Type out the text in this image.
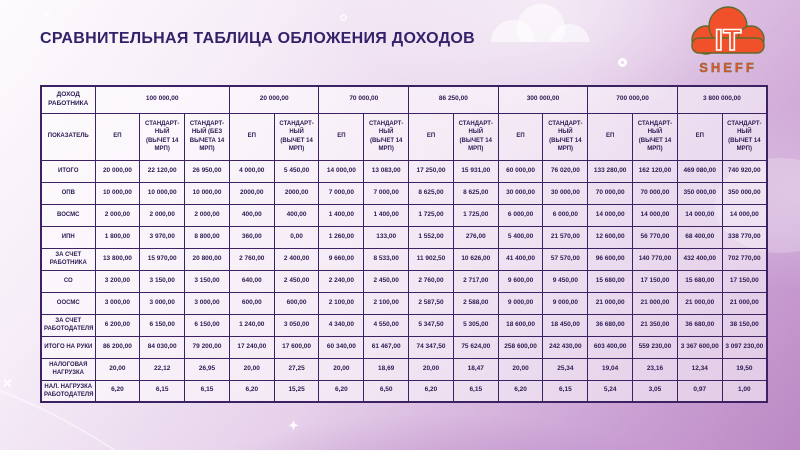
✕
✕
✦
IT
SHEFF
СРАВНИТЕЛЬНАЯ ТАБЛИЦА ОБЛОЖЕНИЯ ДОХОДОВ
ДОХОД РАБОТНИКА	100 000,00			20 000,00		70 000,00		86 250,00		300 000,00		700 000,00		3 800 000,00	
ПОКАЗАТЕЛЬ	ЕП	СТАНДАРТ-НЫЙ (ВЫЧЕТ 14 МРП)	СТАНДАРТ-НЫЙ (БЕЗ ВЫЧЕТА 14 МРП)	ЕП	СТАНДАРТ-НЫЙ (ВЫЧЕТ 14 МРП)	ЕП	СТАНДАРТ-НЫЙ (ВЫЧЕТ 14 МРП)	ЕП	СТАНДАРТ-НЫЙ (ВЫЧЕТ 14 МРП)	ЕП	СТАНДАРТ-НЫЙ (ВЫЧЕТ 14 МРП)	ЕП	СТАНДАРТ-НЫЙ (ВЫЧЕТ 14 МРП)	ЕП	СТАНДАРТ-НЫЙ (ВЫЧЕТ 14 МРП)
ИТОГО	20 000,00	22 120,00	26 950,00	4 000,00	5 450,00	14 000,00	13 083,00	17 250,00	15 931,00	60 000,00	76 020,00	133 280,00	162 120,00	469 080,00	740 920,00
ОПВ	10 000,00	10 000,00	10 000,00	2000,00	2000,00	7 000,00	7 000,00	8 625,00	8 625,00	30 000,00	30 000,00	70 000,00	70 000,00	350 000,00	350 000,00
ВОСМС	2 000,00	2 000,00	2 000,00	400,00	400,00	1 400,00	1 400,00	1 725,00	1 725,00	6 000,00	6 000,00	14 000,00	14 000,00	14 000,00	14 000,00
ИПН	1 800,00	3 970,00	8 800,00	360,00	0,00	1 260,00	133,00	1 552,00	276,00	5 400,00	21 570,00	12 600,00	56 770,00	68 400,00	338 770,00
ЗА СЧЕТ РАБОТНИКА	13 800,00	15 970,00	20 800,00	2 760,00	2 400,00	9 660,00	8 533,00	11 902,50	10 626,00	41 400,00	57 570,00	96 600,00	140 770,00	432 400,00	702 770,00
СО	3 200,00	3 150,00	3 150,00	640,00	2 450,00	2 240,00	2 450,00	2 760,00	2 717,00	9 600,00	9 450,00	15 680,00	17 150,00	15 680,00	17 150,00
ООСМС	3 000,00	3 000,00	3 000,00	600,00	600,00	2 100,00	2 100,00	2 587,50	2 588,00	9 000,00	9 000,00	21 000,00	21 000,00	21 000,00	21 000,00
ЗА СЧЕТ РАБОТОДАТЕЛЯ	6 200,00	6 150,00	6 150,00	1 240,00	3 050,00	4 340,00	4 550,00	5 347,50	5 305,00	18 600,00	18 450,00	36 680,00	21 350,00	36 680,00	38 150,00
ИТОГО НА РУКИ	86 200,00	84 030,00	79 200,00	17 240,00	17 600,00	60 340,00	61 467,00	74 347,50	75 624,00	258 600,00	242 430,00	603 400,00	559 230,00	3 367 600,00	3 097 230,00
НАЛОГОВАЯ НАГРУЗКА	20,00	22,12	26,95	20,00	27,25	20,00	18,69	20,00	18,47	20,00	25,34	19,04	23,16	12,34	19,50
НАЛ. НАГРУЗКА РАБОТОДАТЕЛЯ	6,20	6,15	6,15	6,20	15,25	6,20	6,50	6,20	6,15	6,20	6,15	5,24	3,05	0,97	1,00
